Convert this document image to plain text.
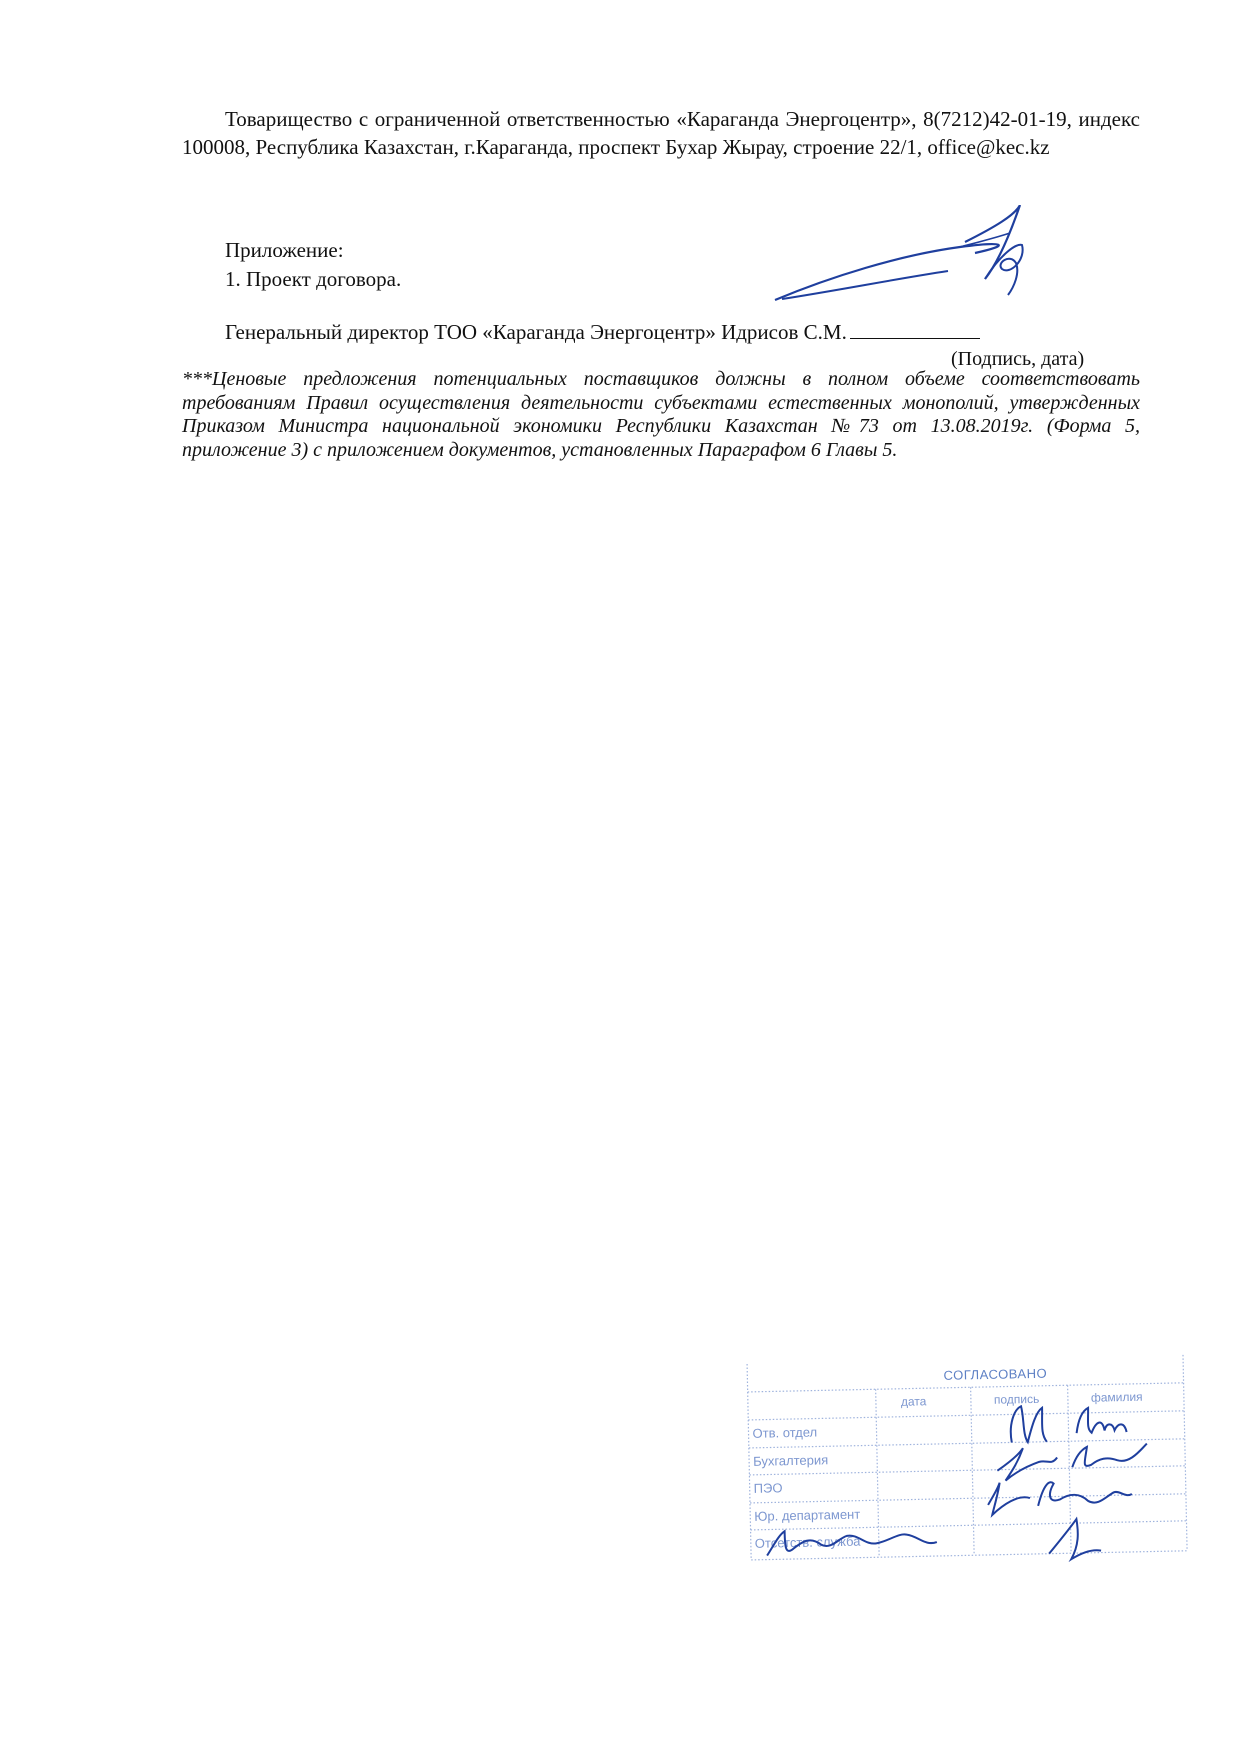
Товарищество с ограниченной ответственностью «Караганда Энергоцентр», 8(7212)42-01-19, индекс 100008, Республика Казахстан, г.Караганда, проспект Бухар Жырау, строение 22/1, office@kec.kz

Приложение:
1. Проект договора.
Генеральный директор ТОО «Караганда Энергоцентр» Идрисов С.М.
(Подпись, дата)

***Ценовые предложения потенциальных поставщиков должны в полном объеме соответствовать требованиям Правил осуществления деятельности субъектами естественных монополий, утвержденных Приказом Министра национальной экономики Республики Казахстан №73 от 13.08.2019г. (Форма 5, приложение 3) с приложением документов, установленных Параграфом 6 Главы 5.

СОГЛАСОВАНО
дата	подпись	фамилия
Отв. отдел
Бухгалтерия
ПЭО
Юр. департамент
Отсетств. служба
